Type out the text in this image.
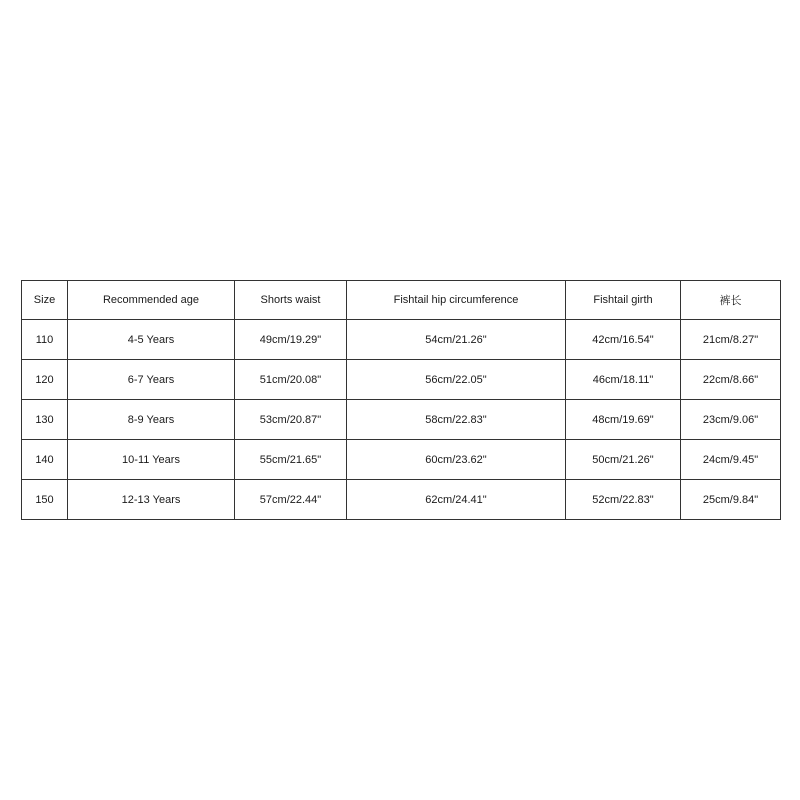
Size	Recommended age	Shorts waist	Fishtail hip circumference	Fishtail girth	裤长
110	4-5 Years	49cm/19.29"	54cm/21.26"	42cm/16.54"	21cm/8.27"
120	6-7 Years	51cm/20.08"	56cm/22.05"	46cm/18.11"	22cm/8.66"
130	8-9 Years	53cm/20.87"	58cm/22.83"	48cm/19.69"	23cm/9.06"
140	10-11 Years	55cm/21.65"	60cm/23.62"	50cm/21.26"	24cm/9.45"
150	12-13 Years	57cm/22.44"	62cm/24.41"	52cm/22.83"	25cm/9.84"
